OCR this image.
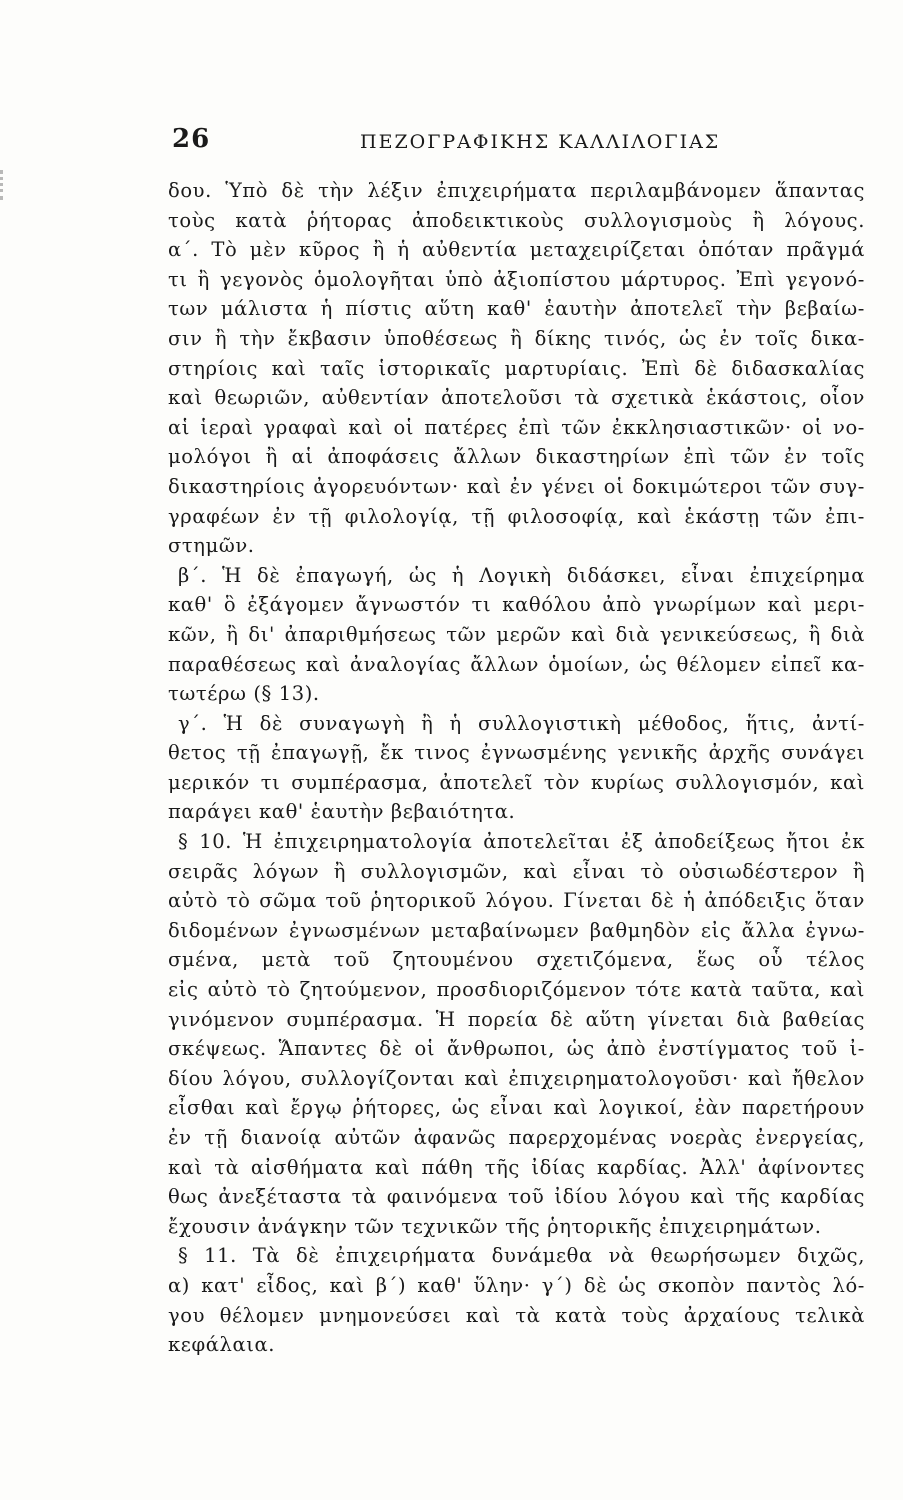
26	ΠΕΖΟΓΡΑΦΙΚΗΣ ΚΑΛΛΙΛΟΓΙΑΣ
δου. Ὑπὸ δὲ τὴν λέξιν ἐπιχειρήματα περιλαμβάνομεν ἅπαντας
τοὺς κατὰ ῥήτορας ἀποδεικτικοὺς συλλογισμοὺς ἢ λόγους.
α΄. Τὸ μὲν κῦρος ἢ ἡ αὐθεντία μεταχειρίζεται ὁπόταν πρᾶγμά
τι ἢ γεγονὸς ὁμολογῆται ὑπὸ ἀξιοπίστου μάρτυρος. Ἐπὶ γεγονό-
των μάλιστα ἡ πίστις αὕτη καθ' ἑαυτὴν ἀποτελεῖ τὴν βεβαίω-
σιν ἢ τὴν ἔκβασιν ὑποθέσεως ἢ δίκης τινός, ὡς ἐν τοῖς δικα-
στηρίοις καὶ ταῖς ἱστορικαῖς μαρτυρίαις. Ἐπὶ δὲ διδασκαλίας
καὶ θεωριῶν, αὐθεντίαν ἀποτελοῦσι τὰ σχετικὰ ἑκάστοις, οἷον
αἱ ἱεραὶ γραφαὶ καὶ οἱ πατέρες ἐπὶ τῶν ἐκκλησιαστικῶν· οἱ νο-
μολόγοι ἢ αἱ ἀποφάσεις ἄλλων δικαστηρίων ἐπὶ τῶν ἐν τοῖς
δικαστηρίοις ἀγορευόντων· καὶ ἐν γένει οἱ δοκιμώτεροι τῶν συγ-
γραφέων ἐν τῇ φιλολογίᾳ, τῇ φιλοσοφίᾳ, καὶ ἑκάστῃ τῶν ἐπι-
στημῶν.
β΄. Ἡ δὲ ἐπαγωγή, ὡς ἡ Λογικὴ διδάσκει, εἶναι ἐπιχείρημα
καθ' ὃ ἐξάγομεν ἄγνωστόν τι καθόλου ἀπὸ γνωρίμων καὶ μερι-
κῶν, ἢ δι' ἀπαριθμήσεως τῶν μερῶν καὶ διὰ γενικεύσεως, ἢ διὰ
παραθέσεως καὶ ἀναλογίας ἄλλων ὁμοίων, ὡς θέλομεν εἰπεῖ κα-
τωτέρω (§ 13).
γ΄. Ἡ δὲ συναγωγὴ ἢ ἡ συλλογιστικὴ μέθοδος, ἥτις, ἀντί-
θετος τῇ ἐπαγωγῇ, ἔκ τινος ἐγνωσμένης γενικῆς ἀρχῆς συνάγει
μερικόν τι συμπέρασμα, ἀποτελεῖ τὸν κυρίως συλλογισμόν, καὶ
παράγει καθ' ἑαυτὴν βεβαιότητα.
§ 10. Ἡ ἐπιχειρηματολογία ἀποτελεῖται ἐξ ἀποδείξεως ἤτοι ἐκ
σειρᾶς λόγων ἢ συλλογισμῶν, καὶ εἶναι τὸ οὐσιωδέστερον ἢ
αὐτὸ τὸ σῶμα τοῦ ῥητορικοῦ λόγου. Γίνεται δὲ ἡ ἀπόδειξις ὅταν
διδομένων ἐγνωσμένων μεταβαίνωμεν βαθμηδὸν εἰς ἄλλα ἐγνω-
σμένα, μετὰ τοῦ ζητουμένου σχετιζόμενα, ἕως οὗ τέλος
εἰς αὐτὸ τὸ ζητούμενον, προσδιοριζόμενον τότε κατὰ ταῦτα, καὶ
γινόμενον συμπέρασμα. Ἡ πορεία δὲ αὕτη γίνεται διὰ βαθείας
σκέψεως. Ἅπαντες δὲ οἱ ἄνθρωποι, ὡς ἀπὸ ἐνστίγματος τοῦ ἰ-
δίου λόγου, συλλογίζονται καὶ ἐπιχειρηματολογοῦσι· καὶ ἤθελον
εἶσθαι καὶ ἔργῳ ῥήτορες, ὡς εἶναι καὶ λογικοί, ἐὰν παρετήρουν
ἐν τῇ διανοίᾳ αὐτῶν ἀφανῶς παρερχομένας νοερὰς ἐνεργείας,
καὶ τὰ αἰσθήματα καὶ πάθη τῆς ἰδίας καρδίας. Ἀλλ' ἀφίνοντες
θως ἀνεξέταστα τὰ φαινόμενα τοῦ ἰδίου λόγου καὶ τῆς καρδίας
ἔχουσιν ἀνάγκην τῶν τεχνικῶν τῆς ῥητορικῆς ἐπιχειρημάτων.
§ 11. Τὰ δὲ ἐπιχειρήματα δυνάμεθα νὰ θεωρήσωμεν διχῶς,
α) κατ' εἶδος, καὶ β΄) καθ' ὕλην· γ΄) δὲ ὡς σκοπὸν παντὸς λό-
γου θέλομεν μνημονεύσει καὶ τὰ κατὰ τοὺς ἀρχαίους τελικὰ
κεφάλαια.
